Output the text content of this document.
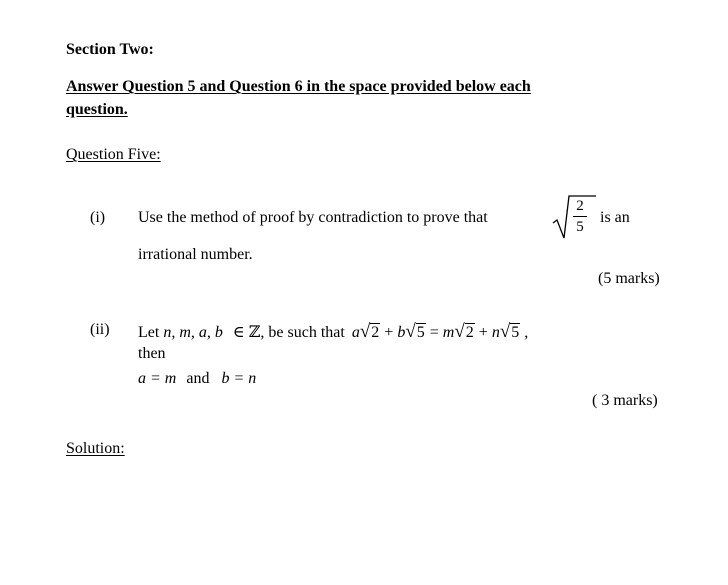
Section Two:
Answer Question 5 and Question 6 in the space provided below each
question.
Question Five:
(i) Use the method of proof by contradiction to prove that
2
5
is an
irrational number.
(5 marks)
(ii) Let n, m, a, b ∈ ℤ, be such that a√2 + b√5 = m√2 + n√5 ,
then
a = m and b = n
( 3 marks)
Solution:
